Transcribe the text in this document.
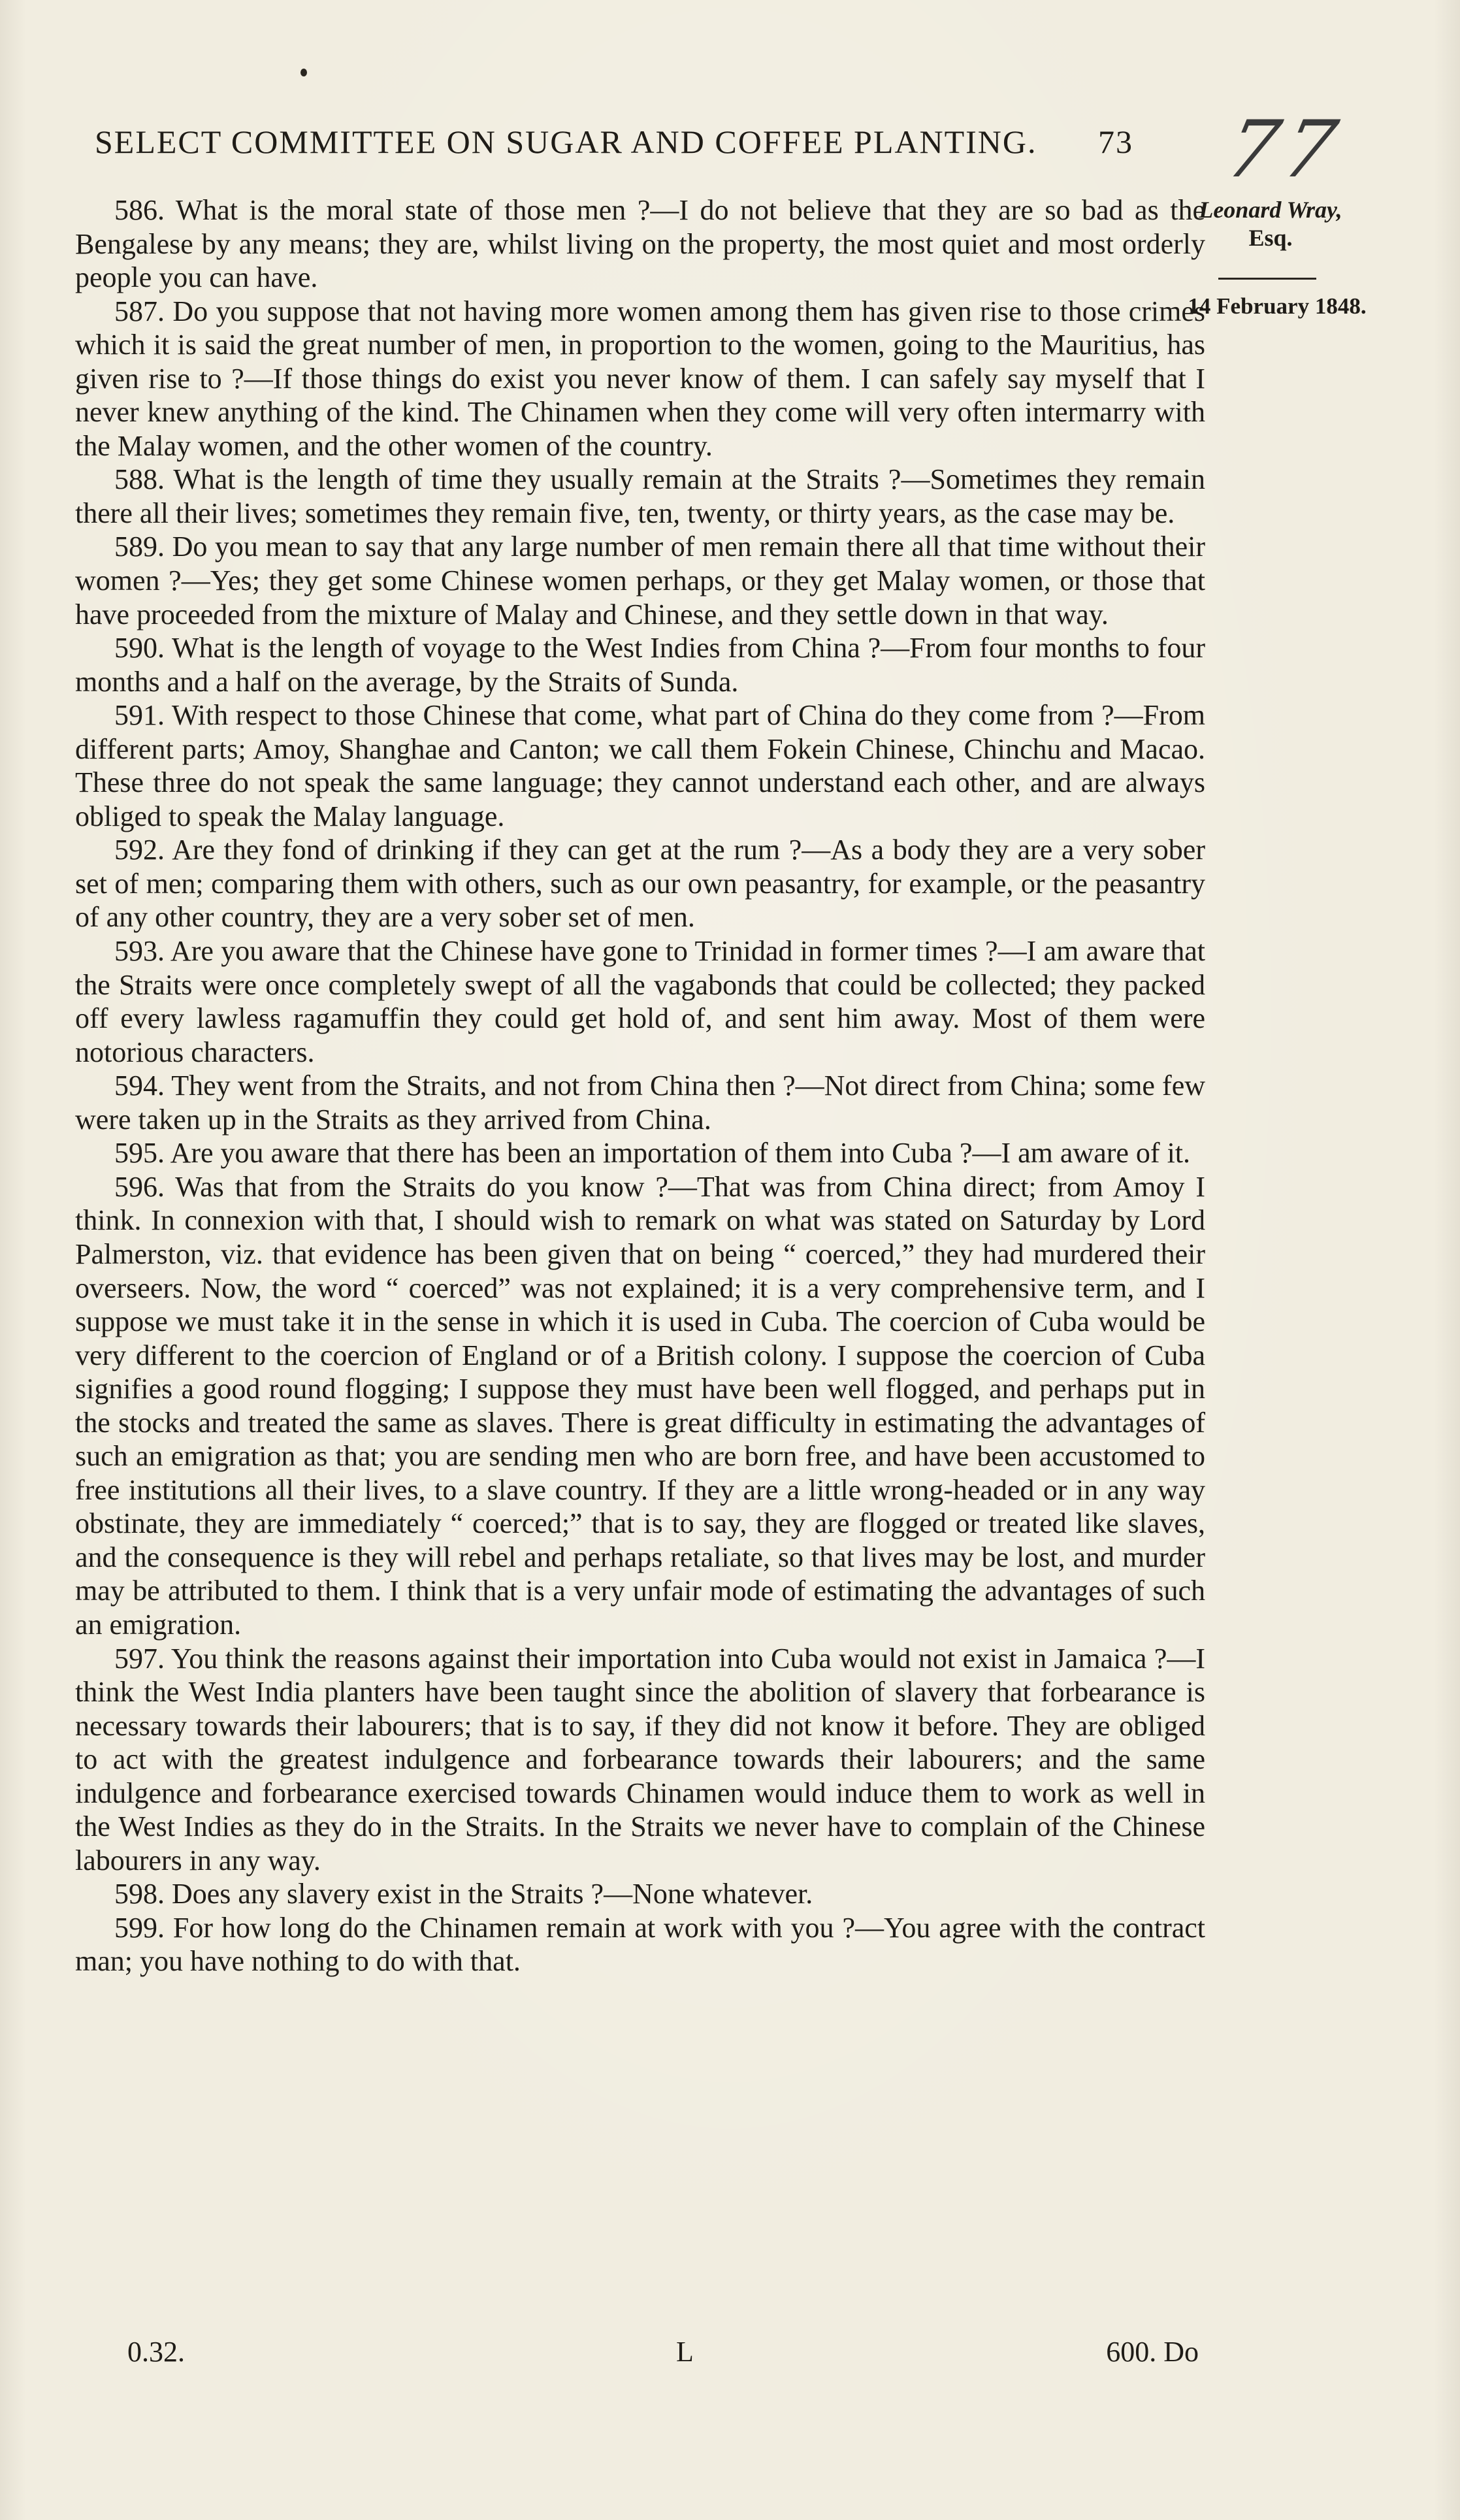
SELECT COMMITTEE ON SUGAR AND COFFEE PLANTING. 73 77
Leonard Wray,
Esq.
14 February 1848.

586. What is the moral state of those men ?—I do not believe that they are so bad as the Bengalese by any means; they are, whilst living on the property, the most quiet and most orderly people you can have.

587. Do you suppose that not having more women among them has given rise to those crimes which it is said the great number of men, in proportion to the women, going to the Mauritius, has given rise to ?—If those things do exist you never know of them. I can safely say myself that I never knew anything of the kind. The Chinamen when they come will very often intermarry with the Malay women, and the other women of the country.

588. What is the length of time they usually remain at the Straits ?—Sometimes they remain there all their lives; sometimes they remain five, ten, twenty, or thirty years, as the case may be.

589. Do you mean to say that any large number of men remain there all that time without their women ?—Yes; they get some Chinese women perhaps, or they get Malay women, or those that have proceeded from the mixture of Malay and Chinese, and they settle down in that way.

590. What is the length of voyage to the West Indies from China ?—From four months to four months and a half on the average, by the Straits of Sunda.

591. With respect to those Chinese that come, what part of China do they come from ?—From different parts; Amoy, Shanghae and Canton; we call them Fokein Chinese, Chinchu and Macao. These three do not speak the same language; they cannot understand each other, and are always obliged to speak the Malay language.

592. Are they fond of drinking if they can get at the rum ?—As a body they are a very sober set of men; comparing them with others, such as our own peasantry, for example, or the peasantry of any other country, they are a very sober set of men.

593. Are you aware that the Chinese have gone to Trinidad in former times ?—I am aware that the Straits were once completely swept of all the vagabonds that could be collected; they packed off every lawless ragamuffin they could get hold of, and sent him away. Most of them were notorious characters.

594. They went from the Straits, and not from China then ?—Not direct from China; some few were taken up in the Straits as they arrived from China.

595. Are you aware that there has been an importation of them into Cuba ?—I am aware of it.

596. Was that from the Straits do you know ?—That was from China direct; from Amoy I think. In connexion with that, I should wish to remark on what was stated on Saturday by Lord Palmerston, viz. that evidence has been given that on being “ coerced,” they had murdered their overseers. Now, the word “ coerced” was not explained; it is a very comprehensive term, and I suppose we must take it in the sense in which it is used in Cuba. The coercion of Cuba would be very different to the coercion of England or of a British colony. I suppose the coercion of Cuba signifies a good round flogging; I suppose they must have been well flogged, and perhaps put in the stocks and treated the same as slaves. There is great difficulty in estimating the advantages of such an emigration as that; you are sending men who are born free, and have been accustomed to free institutions all their lives, to a slave country. If they are a little wrong-headed or in any way obstinate, they are immediately “ coerced;” that is to say, they are flogged or treated like slaves, and the consequence is they will rebel and perhaps retaliate, so that lives may be lost, and murder may be attributed to them. I think that is a very unfair mode of estimating the advantages of such an emigration.

597. You think the reasons against their importation into Cuba would not exist in Jamaica ?—I think the West India planters have been taught since the abolition of slavery that forbearance is necessary towards their labourers; that is to say, if they did not know it before. They are obliged to act with the greatest indulgence and forbearance towards their labourers; and the same indulgence and forbearance exercised towards Chinamen would induce them to work as well in the West Indies as they do in the Straits. In the Straits we never have to complain of the Chinese labourers in any way.

598. Does any slavery exist in the Straits ?—None whatever.

599. For how long do the Chinamen remain at work with you ?—You agree with the contract man; you have nothing to do with that.

0.32.	L	600. Do
